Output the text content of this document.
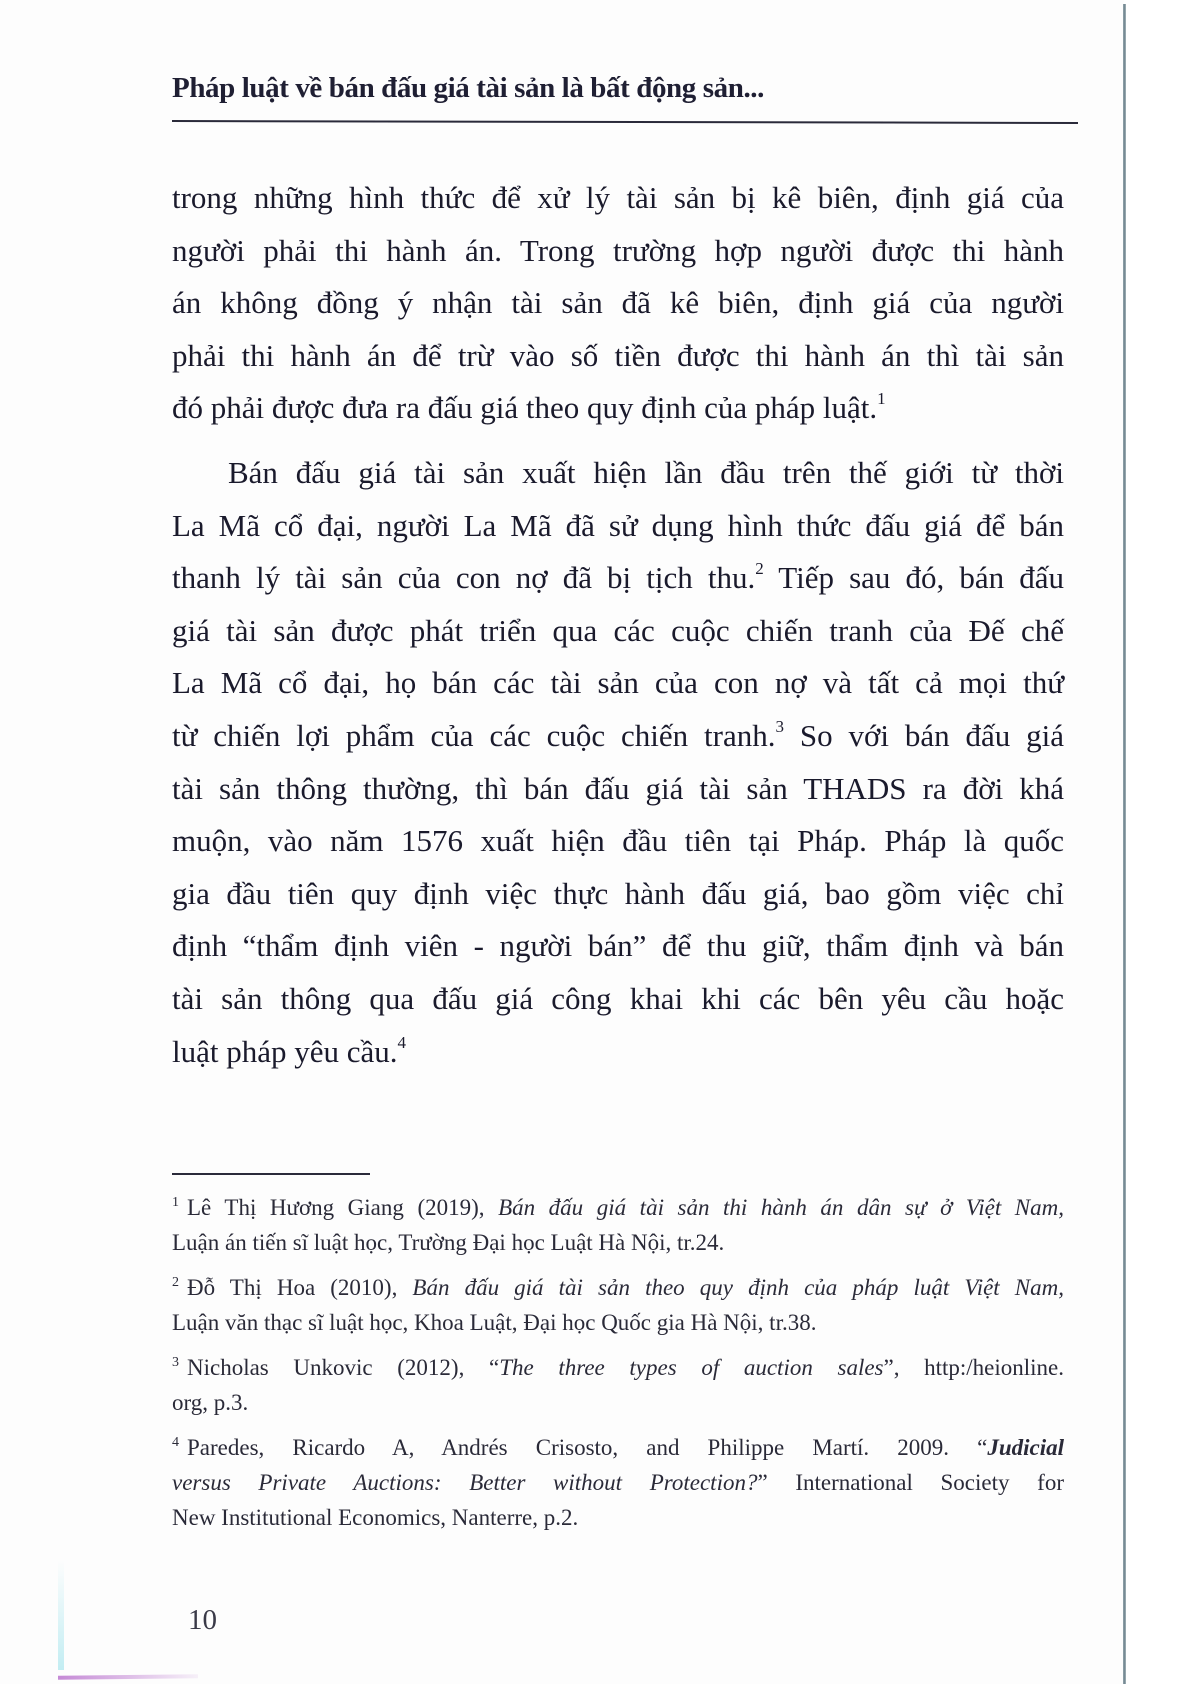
Pháp luật về bán đấu giá tài sản là bất động sản...

trong những hình thức để xử lý tài sản bị kê biên, định giá của
người phải thi hành án. Trong trường hợp người được thi hành
án không đồng ý nhận tài sản đã kê biên, định giá của người
phải thi hành án để trừ vào số tiền được thi hành án thì tài sản
đó phải được đưa ra đấu giá theo quy định của pháp luật.$^1$

Bán đấu giá tài sản xuất hiện lần đầu trên thế giới từ thời
La Mã cổ đại, người La Mã đã sử dụng hình thức đấu giá để bán
thanh lý tài sản của con nợ đã bị tịch thu.$^2$ Tiếp sau đó, bán đấu
giá tài sản được phát triển qua các cuộc chiến tranh của Đế chế
La Mã cổ đại, họ bán các tài sản của con nợ và tất cả mọi thứ
từ chiến lợi phẩm của các cuộc chiến tranh.$^3$ So với bán đấu giá
tài sản thông thường, thì bán đấu giá tài sản THADS ra đời khá
muộn, vào năm 1576 xuất hiện đầu tiên tại Pháp. Pháp là quốc
gia đầu tiên quy định việc thực hành đấu giá, bao gồm việc chỉ
định “thẩm định viên - người bán” để thu giữ, thẩm định và bán
tài sản thông qua đấu giá công khai khi các bên yêu cầu hoặc
luật pháp yêu cầu.$^4$

$^1$ Lê Thị Hương Giang (2019), Bán đấu giá tài sản thi hành án dân sự ở Việt Nam,
Luận án tiến sĩ luật học, Trường Đại học Luật Hà Nội, tr.24.
$^2$ Đỗ Thị Hoa (2010), Bán đấu giá tài sản theo quy định của pháp luật Việt Nam,
Luận văn thạc sĩ luật học, Khoa Luật, Đại học Quốc gia Hà Nội, tr.38.
$^3$ Nicholas Unkovic (2012), “The three types of auction sales”, http:/heionline.
org, p.3.
$^4$ Paredes, Ricardo A, Andrés Crisosto, and Philippe Martí. 2009. “Judicial
versus Private Auctions: Better without Protection?” International Society for
New Institutional Economics, Nanterre, p.2.
10
